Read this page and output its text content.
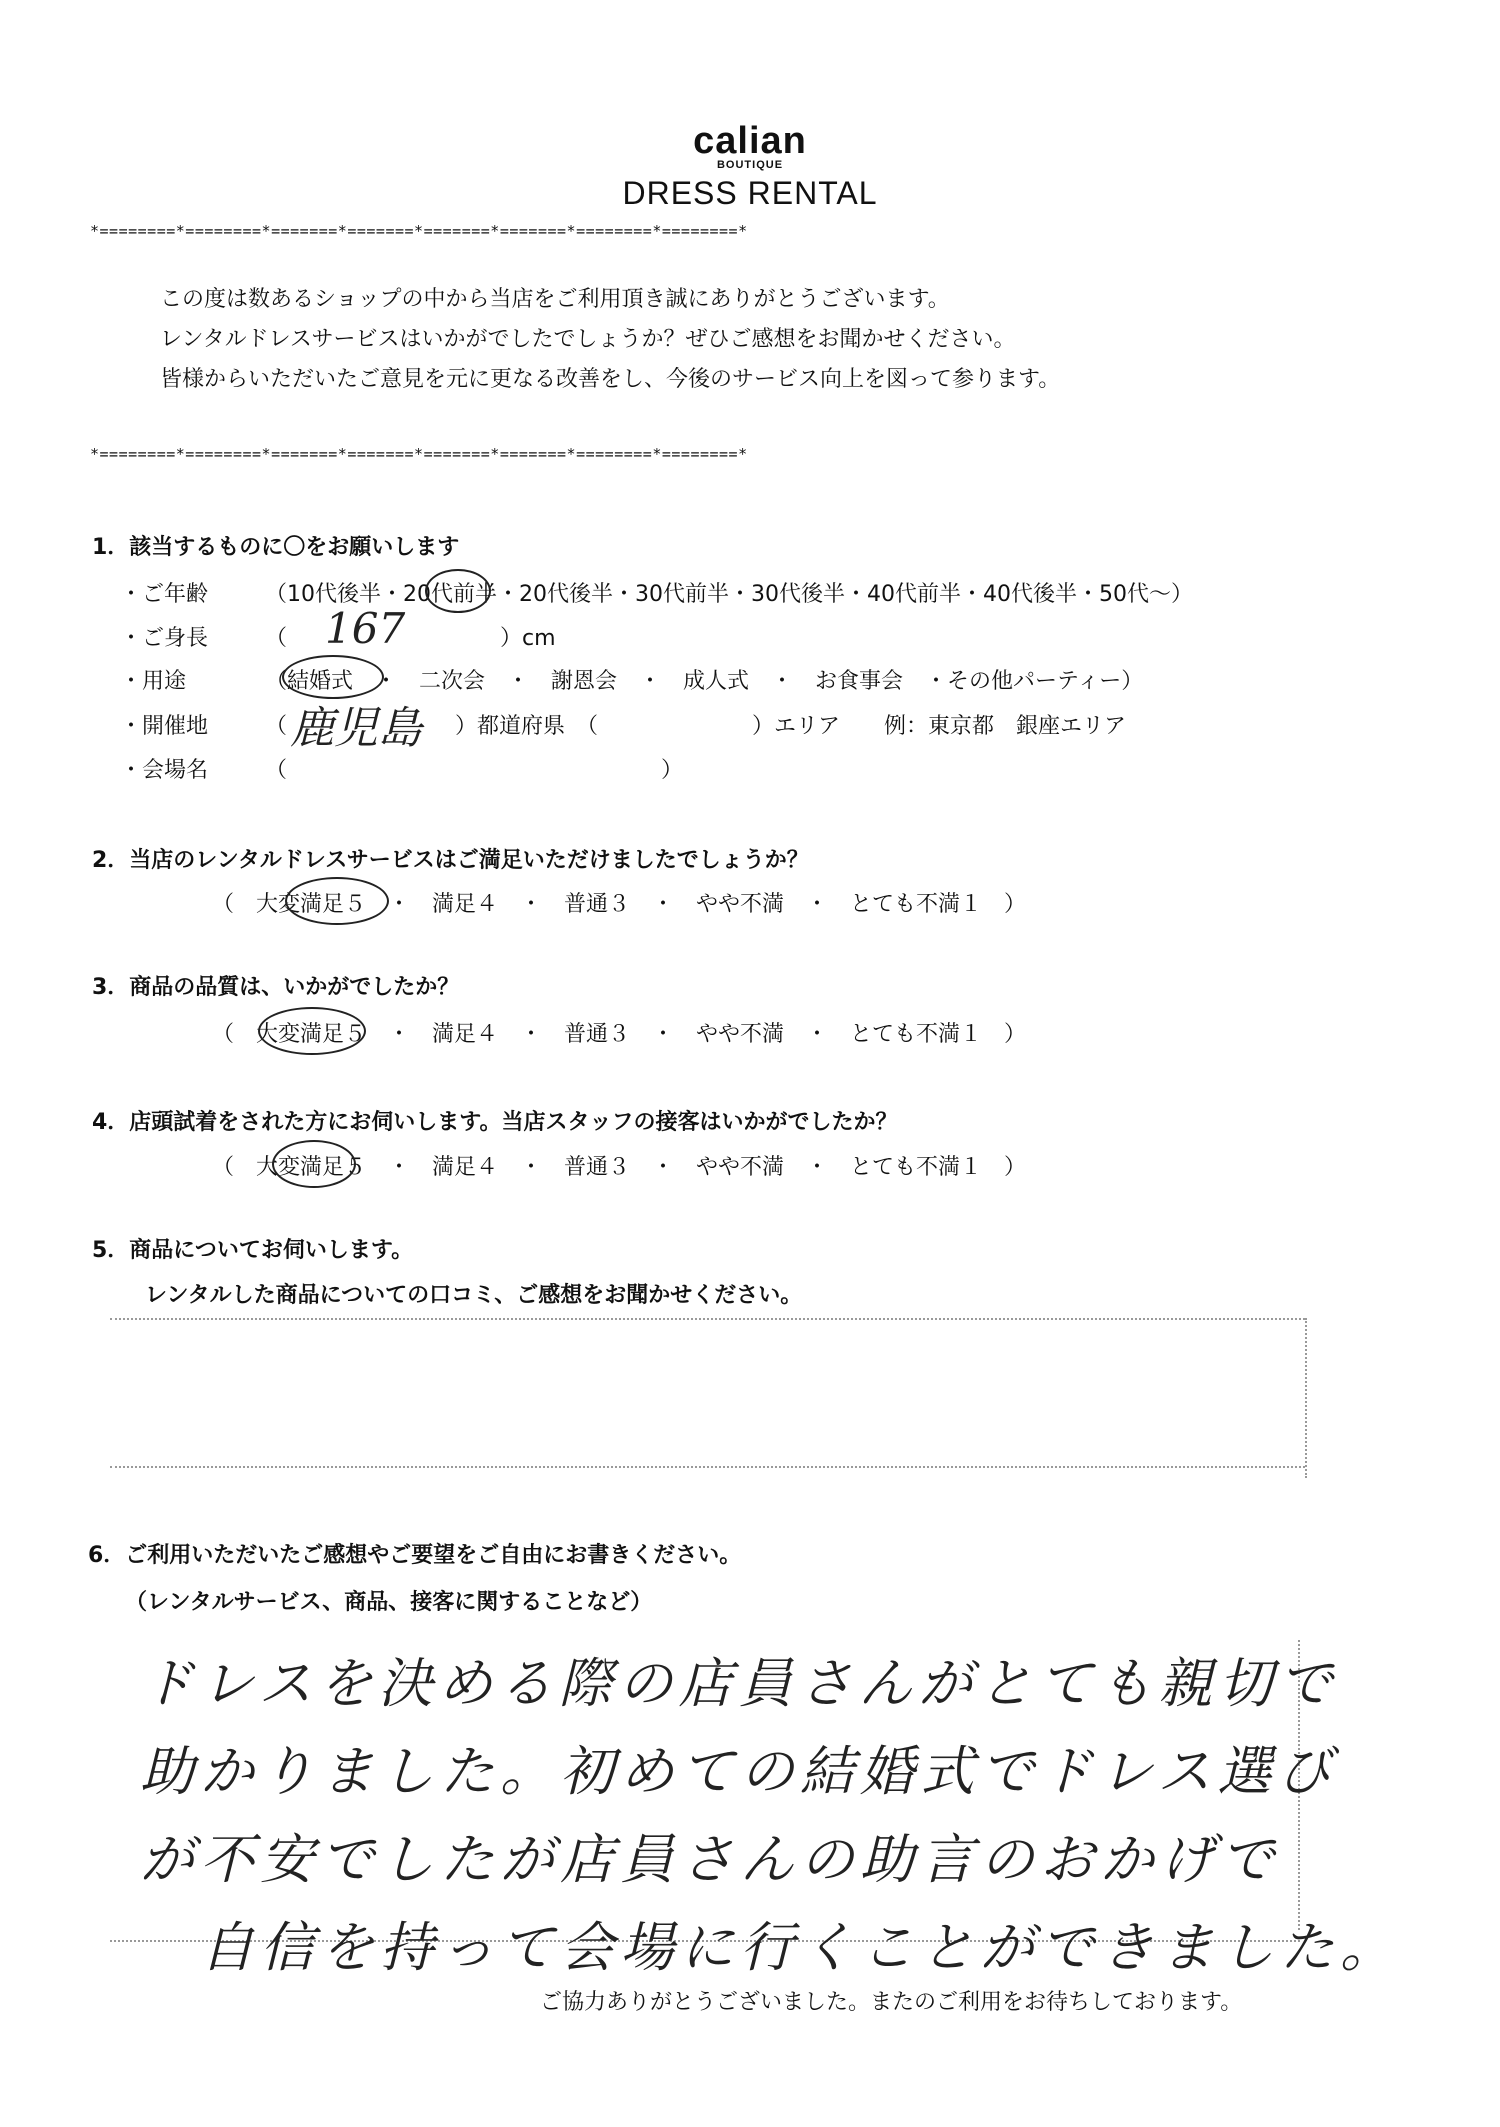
calian
BOUTIQUE
DRESS RENTAL
*========*========*=======*=======*=======*=======*========*========*
この度は数あるショップの中から当店をご利用頂き誠にありがとうございます。
レンタルドレスサービスはいかがでしたでしょうか？ぜひご感想をお聞かせください。
皆様からいただいたご意見を元に更なる改善をし、今後のサービス向上を図って参ります。
*========*========*=======*=======*=======*=======*========*========*
1．該当するものに〇をお願いします
・ご年齢	（10代後半・20代前半・20代後半・30代前半・30代後半・40代前半・40代後半・50代〜）
・ご身長	（ 167	）cm
・用途	（結婚式　・　二次会　・　謝恩会　・　成人式　・　お食事会　・その他パーティー）
・開催地	（ 鹿児島 ）都道府県　（　　　　　　　）エリア　　例：東京都　銀座エリア
・会場名	（　　　　　　　　　　　　　　　　　）
2．当店のレンタルドレスサービスはご満足いただけましたでしょうか？
（　大変満足５　・　満足４　・　普通３　・　やや不満　・　とても不満１　）
3．商品の品質は、いかがでしたか？
（　大変満足５　・　満足４　・　普通３　・　やや不満　・　とても不満１　）
4．店頭試着をされた方にお伺いします。当店スタッフの接客はいかがでしたか？
（　大変満足５　・　満足４　・　普通３　・　やや不満　・　とても不満１　）
5．商品についてお伺いします。
レンタルした商品についての口コミ、ご感想をお聞かせください。
6．ご利用いただいたご感想やご要望をご自由にお書きください。
（レンタルサービス、商品、接客に関することなど）
ドレスを決める際の店員さんがとても親切で
助かりました。初めての結婚式でドレス選び
が不安でしたが店員さんの助言のおかげで
自信を持って会場に行くことができました。
ご協力ありがとうございました。またのご利用をお待ちしております。
